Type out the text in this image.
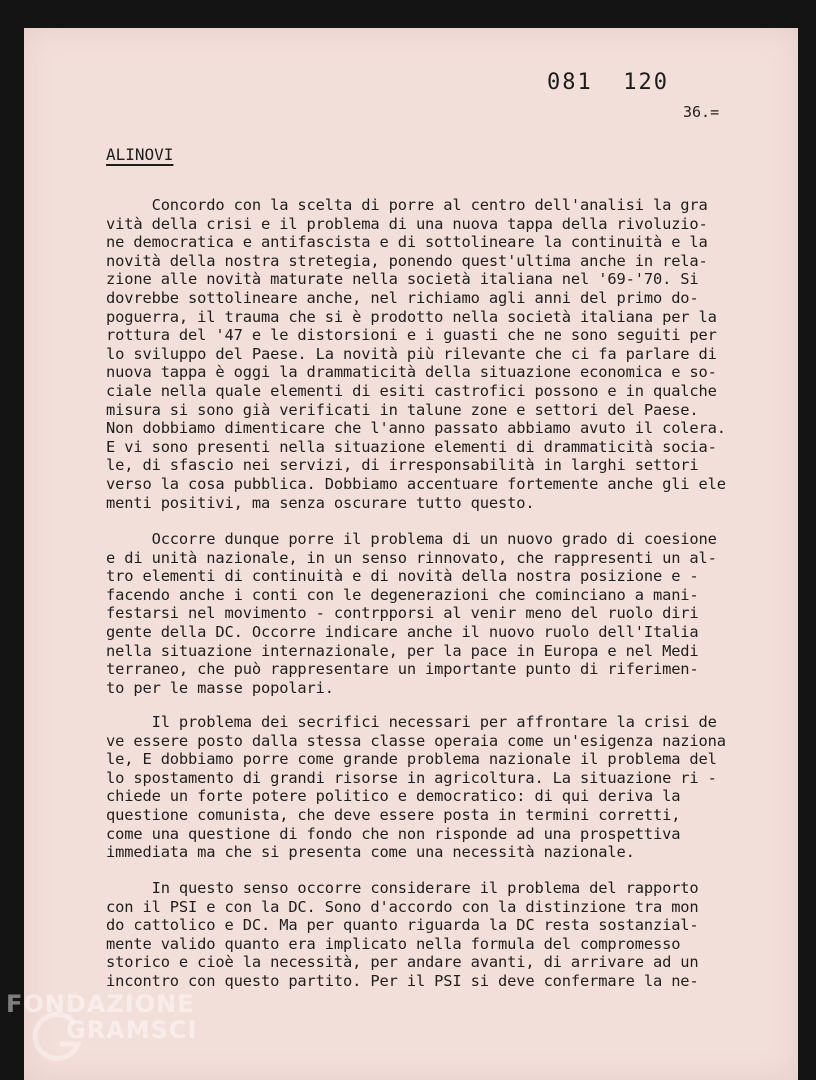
081  120
36.=

ALINOVI
Concordo con la scelta di porre al centro dell'analisi la gra
vità della crisi e il problema di una nuova tappa della rivoluzio-
ne democratica e antifascista e di sottolineare la continuità e la
novità della nostra stretegia, ponendo quest'ultima anche in rela-
zione alle novità maturate nella società italiana nel '69-'70. Si
dovrebbe sottolineare anche, nel richiamo agli anni del primo do-
poguerra, il trauma che si è prodotto nella società italiana per la
rottura del '47 e le distorsioni e i guasti che ne sono seguiti per
lo sviluppo del Paese. La novità più rilevante che ci fa parlare di
nuova tappa è oggi la drammaticità della situazione economica e so-
ciale nella quale elementi di esiti castrofici possono e in qualche
misura si sono già verificati in talune zone e settori del Paese.
Non dobbiamo dimenticare che l'anno passato abbiamo avuto il colera.
E vi sono presenti nella situazione elementi di drammaticità socia-
le, di sfascio nei servizi, di irresponsabilità in larghi settori
verso la cosa pubblica. Dobbiamo accentuare fortemente anche gli ele
menti positivi, ma senza oscurare tutto questo.
Occorre dunque porre il problema di un nuovo grado di coesione
e di unità nazionale, in un senso rinnovato, che rappresenti un al-
tro elementi di continuità e di novità della nostra posizione e -
facendo anche i conti con le degenerazioni che cominciano a mani-
festarsi nel movimento - contrpporsi al venir meno del ruolo diri
gente della DC. Occorre indicare anche il nuovo ruolo dell'Italia
nella situazione internazionale, per la pace in Europa e nel Medi
terraneo, che può rappresentare un importante punto di riferimen-
to per le masse popolari.
Il problema dei secrifici necessari per affrontare la crisi de
ve essere posto dalla stessa classe operaia come un'esigenza naziona
le, E dobbiamo porre come grande problema nazionale il problema del
lo spostamento di grandi risorse in agricoltura. La situazione ri -
chiede un forte potere politico e democratico: di qui deriva la
questione comunista, che deve essere posta in termini corretti,
come una questione di fondo che non risponde ad una prospettiva
immediata ma che si presenta come una necessità nazionale.
In questo senso occorre considerare il problema del rapporto
con il PSI e con la DC. Sono d'accordo con la distinzione tra mon
do cattolico e DC. Ma per quanto riguarda la DC resta sostanzial-
mente valido quanto era implicato nella formula del compromesso
storico e cioè la necessità, per andare avanti, di arrivare ad un
incontro con questo partito. Per il PSI si deve confermare la ne-
FONDAZIONE
GRAMSCI
